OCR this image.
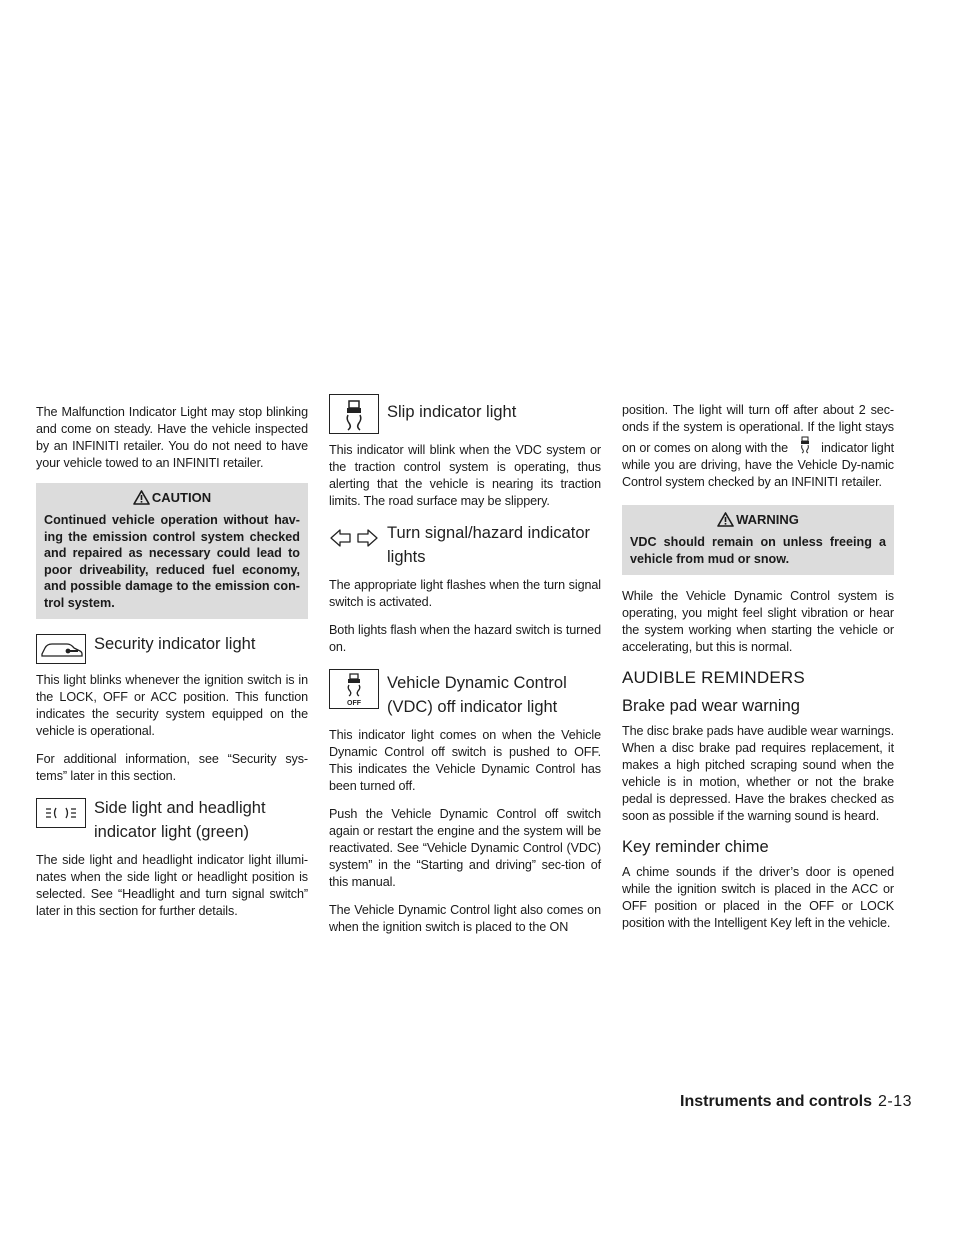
The Malfunction Indicator Light may stop blinking and come on steady. Have the vehicle inspected by an INFINITI retailer. You do not need to have your vehicle towed to an INFINITI retailer.

CAUTION
Continued vehicle operation without hav-ing the emission control system checked and repaired as necessary could lead to poor driveability, reduced fuel economy, and possible damage to the emission con-trol system.
Security indicator light

This light blinks whenever the ignition switch is in the LOCK, OFF or ACC position. This function indicates the security system equipped on the vehicle is operational.

For additional information, see “Security sys-tems” later in this section.

Side light and headlight
indicator light (green)

The side light and headlight indicator light illumi-nates when the side light or headlight position is selected. See “Headlight and turn signal switch” later in this section for further details.

Slip indicator light

This indicator will blink when the VDC system or the traction control system is operating, thus alerting that the vehicle is nearing its traction limits. The road surface may be slippery.

Turn signal/hazard indicator
lights

The appropriate light flashes when the turn signal switch is activated.

Both lights flash when the hazard switch is turned on.

OFF
Vehicle Dynamic Control
(VDC) off indicator light

This indicator light comes on when the Vehicle Dynamic Control off switch is pushed to OFF. This indicates the Vehicle Dynamic Control has been turned off.

Push the Vehicle Dynamic Control off switch again or restart the engine and the system will be reactivated. See “Vehicle Dynamic Control (VDC) system” in the “Starting and driving” sec-tion of this manual.

The Vehicle Dynamic Control light also comes on when the ignition switch is placed to the ON

position. The light will turn off after about 2 sec-onds if the system is operational. If the light stays on or comes on along with the	indicator light while you are driving, have the Vehicle Dy-namic Control system checked by an INFINITI retailer.

WARNING
VDC should remain on unless freeing a vehicle from mud or snow.

While the Vehicle Dynamic Control system is operating, you might feel slight vibration or hear the system working when starting the vehicle or accelerating, but this is normal.

AUDIBLE REMINDERS
Brake pad wear warning

The disc brake pads have audible wear warnings. When a disc brake pad requires replacement, it makes a high pitched scraping sound when the vehicle is in motion, whether or not the brake pedal is depressed. Have the brakes checked as soon as possible if the warning sound is heard.

Key reminder chime

A chime sounds if the driver’s door is opened while the ignition switch is placed in the ACC or OFF position or placed in the OFF or LOCK position with the Intelligent Key left in the vehicle.

Instruments and controls 2-13
